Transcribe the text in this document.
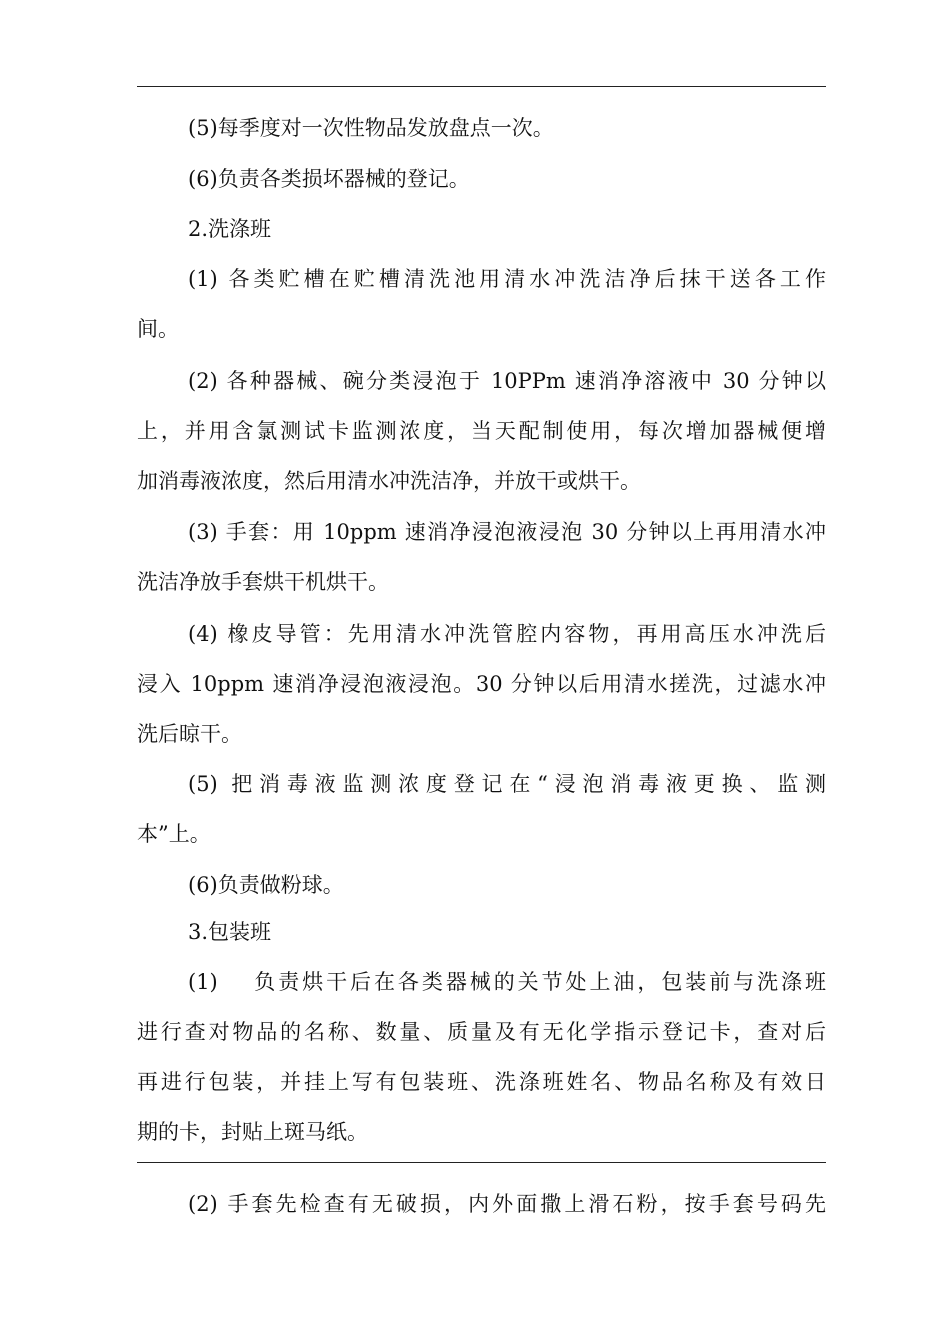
(5)每季度对一次性物品发放盘点一次。
(6)负责各类损坏器械的登记。
2.洗涤班
(1) 各类贮槽在贮槽清洗池用清水冲洗洁净后抹干送各工作
间。
(2) 各种器械、碗分类浸泡于 10PPm 速消净溶液中 30 分钟以
上，并用含氯测试卡监测浓度，当天配制使用，每次增加器械便增
加消毒液浓度，然后用清水冲洗洁净，并放干或烘干。
(3) 手套：用 10ppm 速消净浸泡液浸泡 30 分钟以上再用清水冲
洗洁净放手套烘干机烘干。
(4) 橡皮导管：先用清水冲洗管腔内容物，再用高压水冲洗后
浸入 10ppm 速消净浸泡液浸泡。30 分钟以后用清水搓洗，过滤水冲
洗后晾干。
(5) 把消毒液监测浓度登记在“浸泡消毒液更换、监测
本”上。
(6)负责做粉球。
3.包装班
(1)　 负责烘干后在各类器械的关节处上油，包装前与洗涤班
进行查对物品的名称、数量、质量及有无化学指示登记卡，查对后
再进行包装，并挂上写有包装班、洗涤班姓名、物品名称及有效日
期的卡，封贴上斑马纸。
(2) 手套先检查有无破损，内外面撒上滑石粉，按手套号码先
